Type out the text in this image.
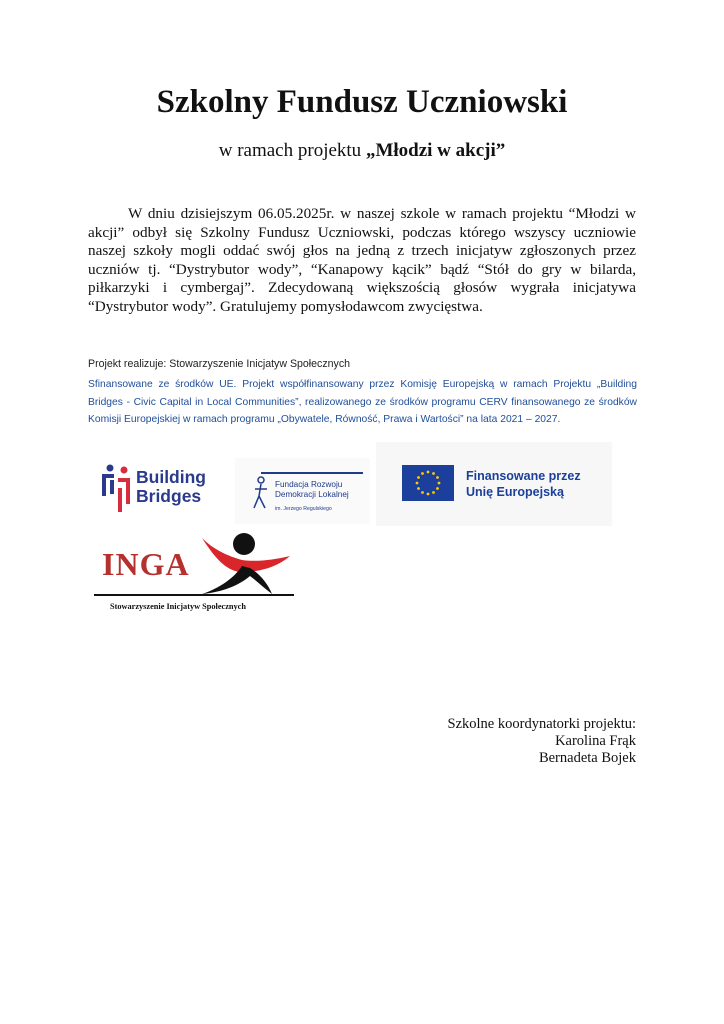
Szkolny Fundusz Uczniowski
w ramach projektu „Młodzi w akcji”

W dniu dzisiejszym 06.05.2025r. w naszej szkole w ramach projektu “Młodzi w akcji” odbył się Szkolny Fundusz Uczniowski, podczas którego wszyscy uczniowie naszej szkoły mogli oddać swój głos na jedną z trzech inicjatyw zgłoszonych przez uczniów tj. “Dystrybutor wody”, “Kanapowy kącik” bądź “Stół do gry w bilarda, piłkarzyki i cymbergaj”. Zdecydowaną większością głosów wygrała inicjatywa “Dystrybutor wody”. Gratulujemy pomysłodawcom zwycięstwa.

Projekt realizuje: Stowarzyszenie Inicjatyw Społecznych

Sfinansowane ze środków UE. Projekt współfinansowany przez Komisję Europejską w ramach Projektu „Building Bridges - Civic Capital in Local Communities”, realizowanego ze środków programu CERV finansowanego ze środków Komisji Europejskiej w ramach programu „Obywatele, Równość, Prawa i Wartości” na lata 2021 – 2027.

Building
Bridges
Fundacja Rozwoju
Demokracji Lokalnej
im. Jerzego Regulskiego
Finansowane przez
Unię Europejską
INGA
Stowarzyszenie Inicjatyw Społecznych
Szkolne koordynatorki projektu:
Karolina Frąk
Bernadeta Bojek
